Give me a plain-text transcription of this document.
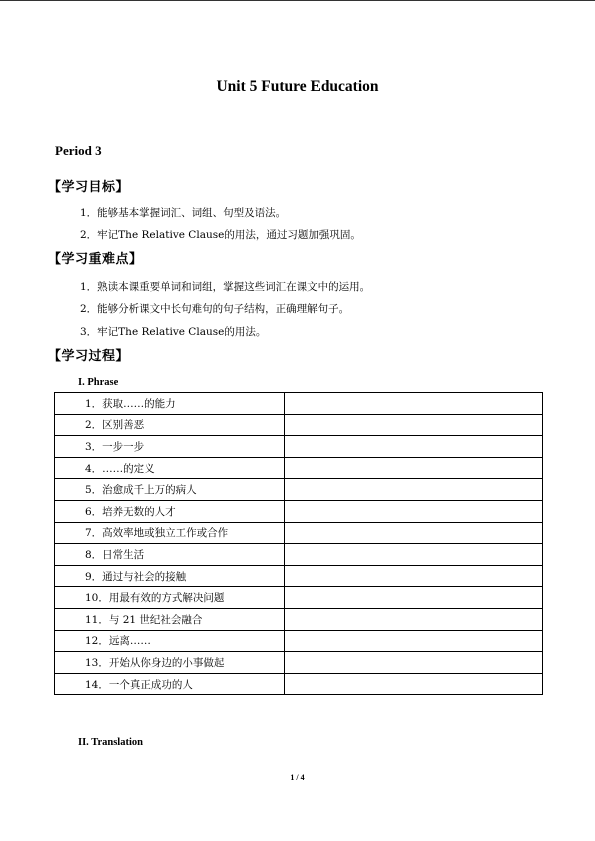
Unit 5 Future Education
Period 3
【学习目标】
1．能够基本掌握词汇、词组、句型及语法。
2．牢记The Relative Clause的用法，通过习题加强巩固。
【学习重难点】
1．熟读本课重要单词和词组，掌握这些词汇在课文中的运用。
2．能够分析课文中长句难句的句子结构，正确理解句子。
3．牢记The Relative Clause的用法。
【学习过程】
I. Phrase
1．获取……的能力	
2．区别善恶	
3．一步一步	
4．……的定义	
5．治愈成千上万的病人	
6．培养无数的人才	
7．高效率地或独立工作或合作	
8．日常生活	
9．通过与社会的接触	
10．用最有效的方式解决问题	
11．与 21 世纪社会融合	
12．远离……	
13．开始从你身边的小事做起	
14．一个真正成功的人	
II. Translation
1 / 4
